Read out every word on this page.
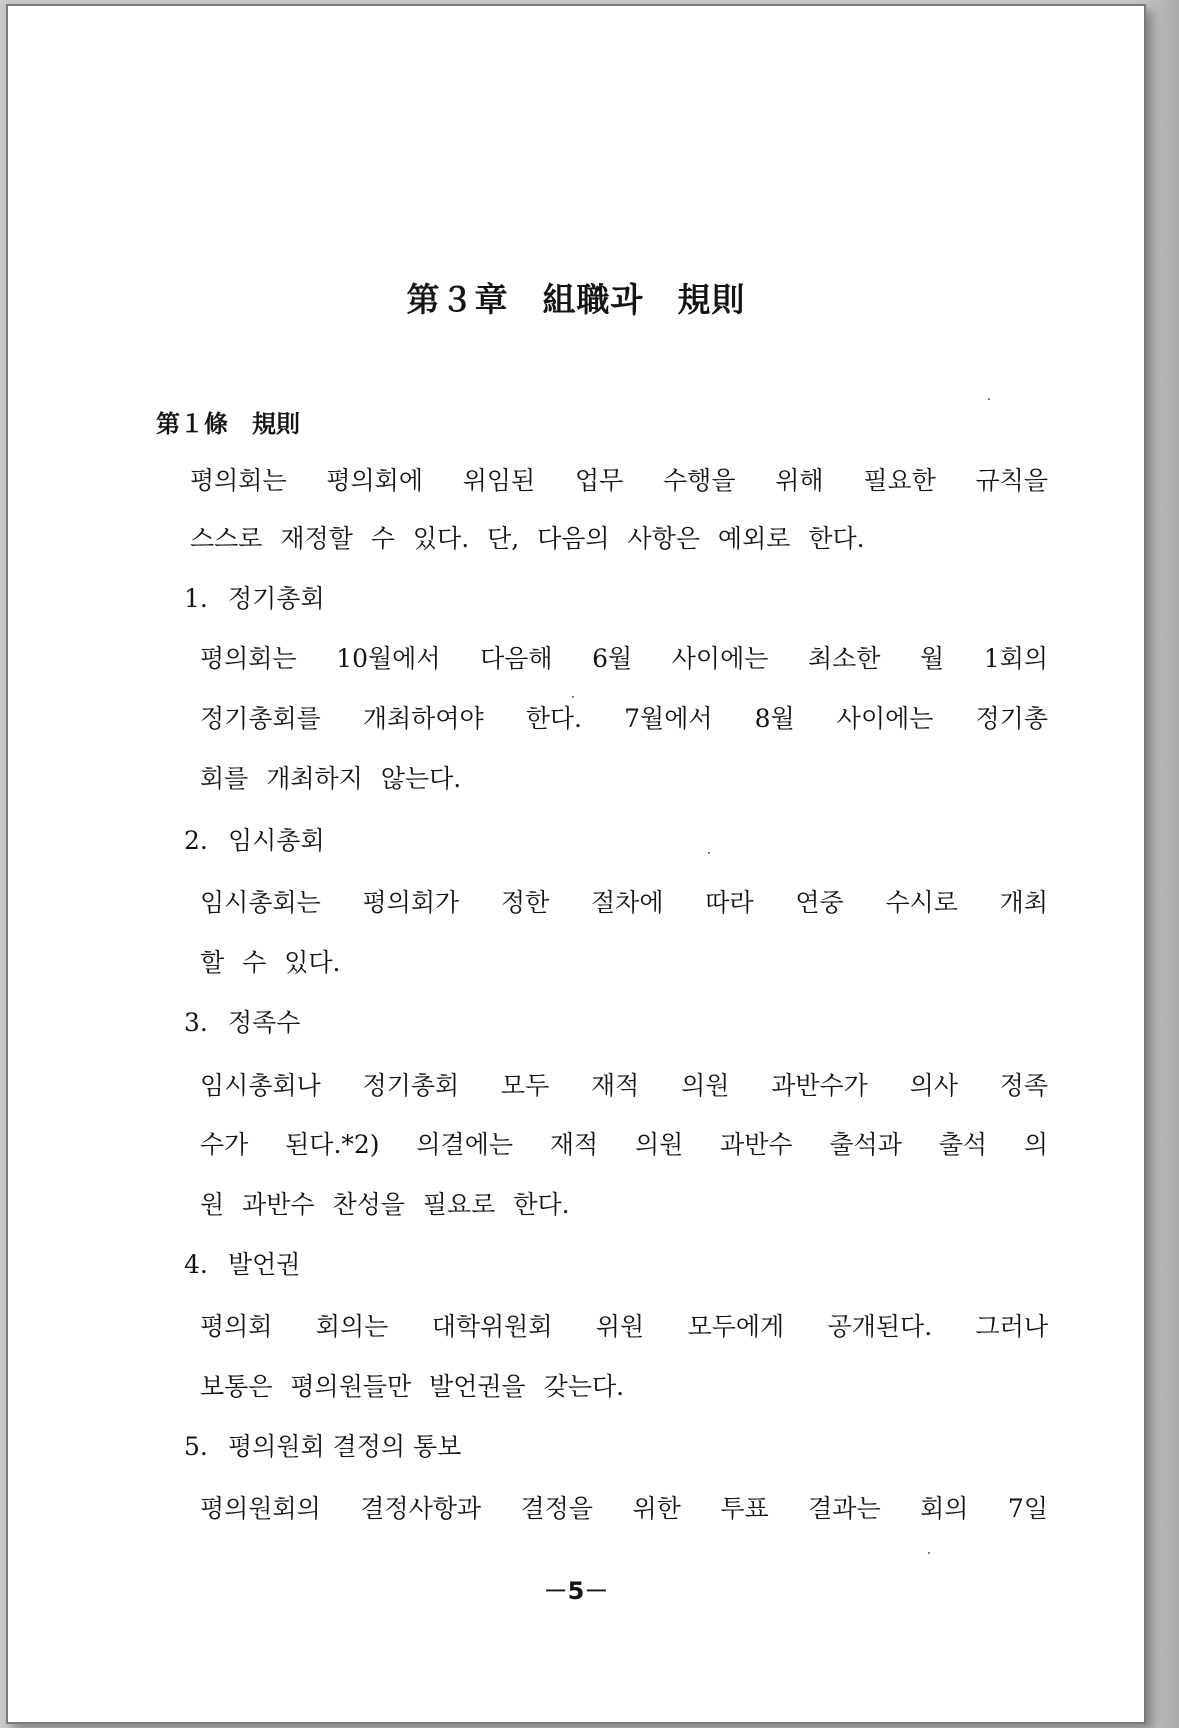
第３章　組職과　規則
第１條　規則
평의회는 평의회에 위임된 업무 수행을 위해 필요한 규칙을
스스로 재정할 수 있다. 단, 다음의 사항은 예외로 한다.
1. 정기총회
평의회는 10월에서 다음해 6월 사이에는 최소한 월 1회의
정기총회를 개최하여야 한다. 7월에서 8월 사이에는 정기총
회를 개최하지 않는다.
2. 임시총회
임시총회는 평의회가 정한 절차에 따라 연중 수시로 개최
할 수 있다.
3. 정족수
임시총회나 정기총회 모두 재적 의원 과반수가 의사 정족
수가 된다.*2) 의결에는 재적 의원 과반수 출석과 출석 의
원 과반수 찬성을 필요로 한다.
4. 발언권
평의회 회의는 대학위원회 위원 모두에게 공개된다. 그러나
보통은 평의원들만 발언권을 갖는다.
5. 평의원회 결정의 통보
평의원회의 결정사항과 결정을 위한 투표 결과는 회의 7일
－5－
